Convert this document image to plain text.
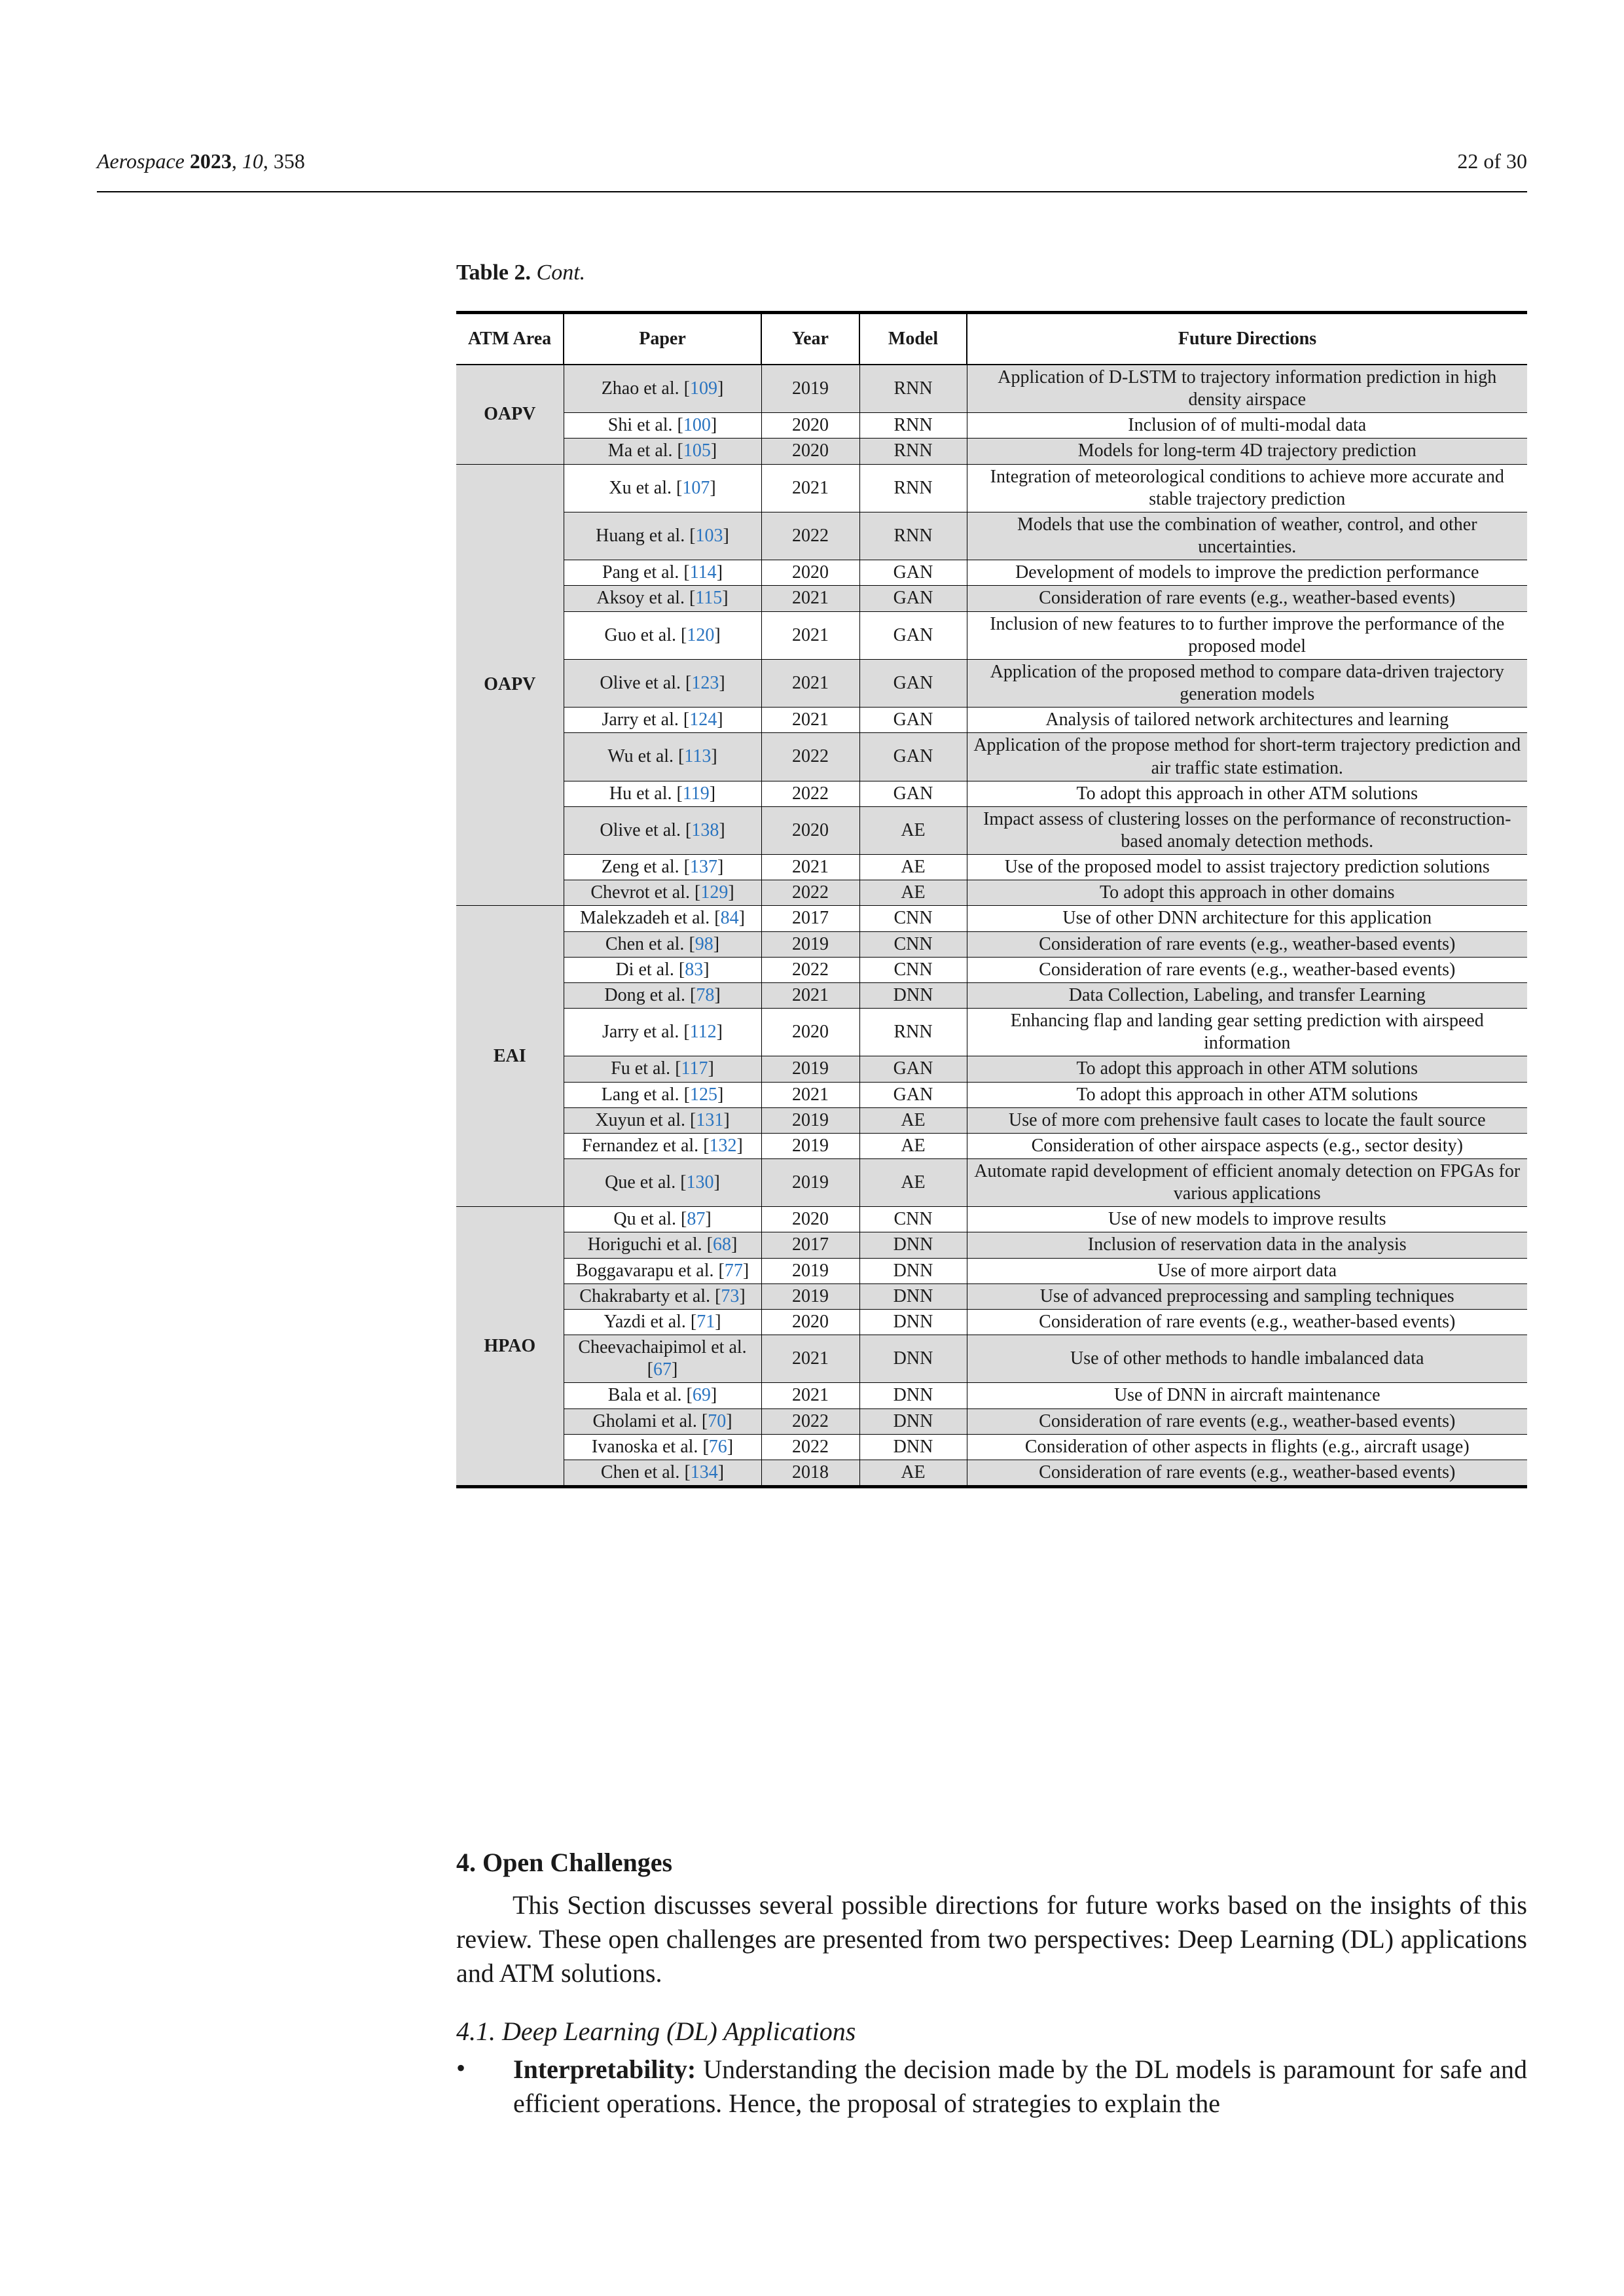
Aerospace 2023, 10, 358	22 of 30
Table 2. Cont.
ATM Area	Paper	Year	Model	Future Directions
OAPV	Zhao et al. [109]	2019	RNN	Application of D-LSTM to trajectory information prediction in high density airspace
	Shi et al. [100]	2020	RNN	Inclusion of of multi-modal data
	Ma et al. [105]	2020	RNN	Models for long-term 4D trajectory prediction
OAPV	Xu et al. [107]	2021	RNN	Integration of meteorological conditions to achieve more accurate and stable trajectory prediction
	Huang et al. [103]	2022	RNN	Models that use the combination of weather, control, and other uncertainties.
	Pang et al. [114]	2020	GAN	Development of models to improve the prediction performance
	Aksoy et al. [115]	2021	GAN	Consideration of rare events (e.g., weather-based events)
	Guo et al. [120]	2021	GAN	Inclusion of new features to to further improve the performance of the proposed model
	Olive et al. [123]	2021	GAN	Application of the proposed method to compare data-driven trajectory generation models
	Jarry et al. [124]	2021	GAN	Analysis of tailored network architectures and learning
	Wu et al. [113]	2022	GAN	Application of the propose method for short-term trajectory prediction and air traffic state estimation.
	Hu et al. [119]	2022	GAN	To adopt this approach in other ATM solutions
	Olive et al. [138]	2020	AE	Impact assess of clustering losses on the performance of reconstruction-based anomaly detection methods.
	Zeng et al. [137]	2021	AE	Use of the proposed model to assist trajectory prediction solutions
	Chevrot et al. [129]	2022	AE	To adopt this approach in other domains
EAI	Malekzadeh et al. [84]	2017	CNN	Use of other DNN architecture for this application
	Chen et al. [98]	2019	CNN	Consideration of rare events (e.g., weather-based events)
	Di et al. [83]	2022	CNN	Consideration of rare events (e.g., weather-based events)
	Dong et al. [78]	2021	DNN	Data Collection, Labeling, and transfer Learning
	Jarry et al. [112]	2020	RNN	Enhancing flap and landing gear setting prediction with airspeed information
	Fu et al. [117]	2019	GAN	To adopt this approach in other ATM solutions
	Lang et al. [125]	2021	GAN	To adopt this approach in other ATM solutions
	Xuyun et al. [131]	2019	AE	Use of more com prehensive fault cases to locate the fault source
	Fernandez et al. [132]	2019	AE	Consideration of other airspace aspects (e.g., sector desity)
	Que et al. [130]	2019	AE	Automate rapid development of efficient anomaly detection on FPGAs for various applications
HPAO	Qu et al. [87]	2020	CNN	Use of new models to improve results
	Horiguchi et al. [68]	2017	DNN	Inclusion of reservation data in the analysis
	Boggavarapu et al. [77]	2019	DNN	Use of more airport data
	Chakrabarty et al. [73]	2019	DNN	Use of advanced preprocessing and sampling techniques
	Yazdi et al. [71]	2020	DNN	Consideration of rare events (e.g., weather-based events)
	Cheevachaipimol et al. [67]	2021	DNN	Use of other methods to handle imbalanced data
	Bala et al. [69]	2021	DNN	Use of DNN in aircraft maintenance
	Gholami et al. [70]	2022	DNN	Consideration of rare events (e.g., weather-based events)
	Ivanoska et al. [76]	2022	DNN	Consideration of other aspects in flights (e.g., aircraft usage)
	Chen et al. [134]	2018	AE	Consideration of rare events (e.g., weather-based events)
4. Open Challenges
This Section discusses several possible directions for future works based on the insights of this review. These open challenges are presented from two perspectives: Deep Learning (DL) applications and ATM solutions.
4.1. Deep Learning (DL) Applications
• Interpretability: Understanding the decision made by the DL models is paramount for safe and efficient operations. Hence, the proposal of strategies to explain the
